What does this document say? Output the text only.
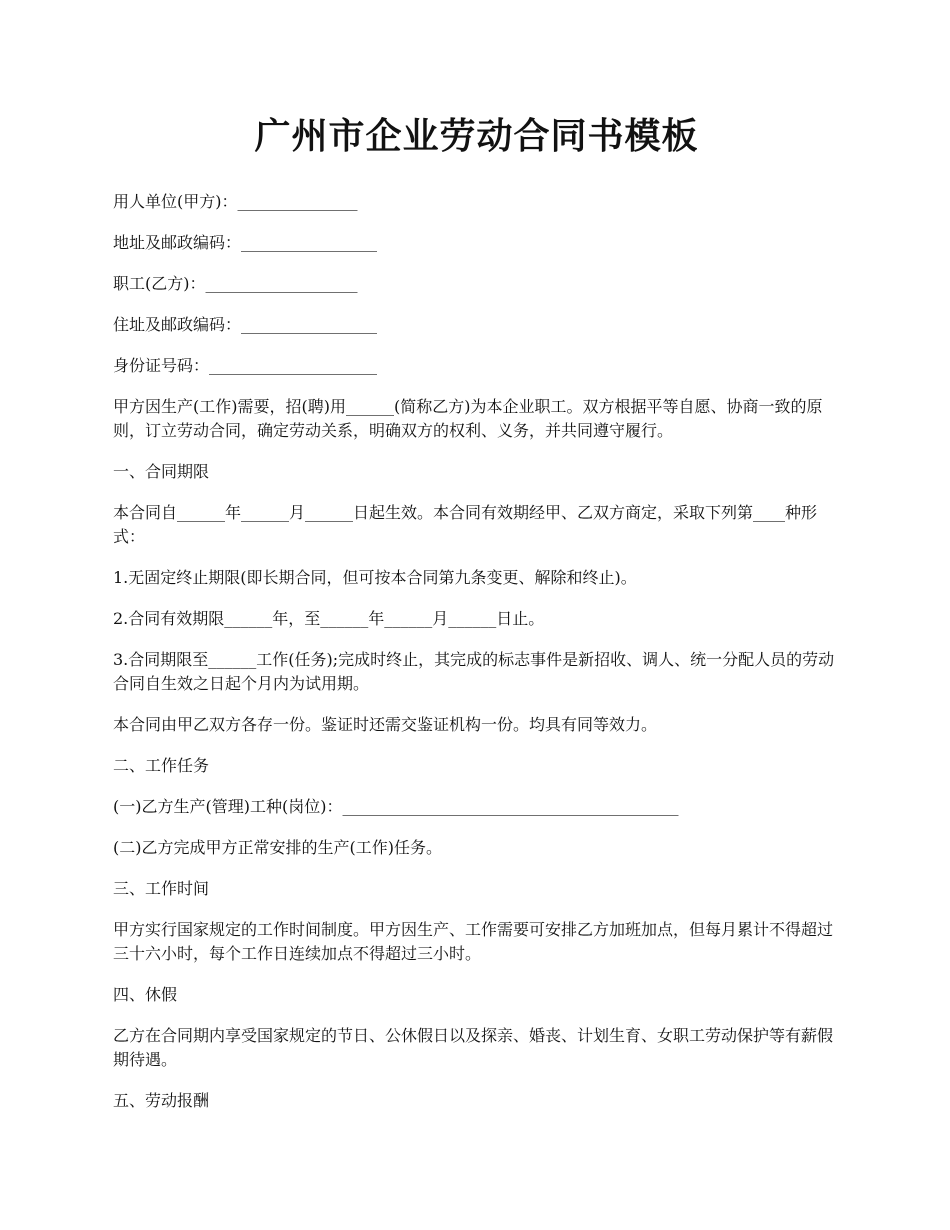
广州市企业劳动合同书模板

用人单位(甲方)：_______________

地址及邮政编码：_________________

职工(乙方)：___________________

住址及邮政编码：_________________

身份证号码：_____________________

甲方因生产(工作)需要，招(聘)用______(简称乙方)为本企业职工。双方根据平等自愿、协商一致的原则，订立劳动合同，确定劳动关系，明确双方的权利、义务，并共同遵守履行。

一、合同期限

本合同自______年______月______日起生效。本合同有效期经甲、乙双方商定，采取下列第____种形式：

1.无固定终止期限(即长期合同，但可按本合同第九条变更、解除和终止)。

2.合同有效期限______年，至______年______月______日止。

3.合同期限至______工作(任务);完成时终止，其完成的标志事件是新招收、调人、统一分配人员的劳动合同自生效之日起个月内为试用期。

本合同由甲乙双方各存一份。鉴证时还需交鉴证机构一份。均具有同等效力。

二、工作任务

(一)乙方生产(管理)工种(岗位)：__________________________________________

(二)乙方完成甲方正常安排的生产(工作)任务。

三、工作时间

甲方实行国家规定的工作时间制度。甲方因生产、工作需要可安排乙方加班加点，但每月累计不得超过三十六小时，每个工作日连续加点不得超过三小时。

四、休假

乙方在合同期内享受国家规定的节日、公休假日以及探亲、婚丧、计划生育、女职工劳动保护等有薪假期待遇。

五、劳动报酬
